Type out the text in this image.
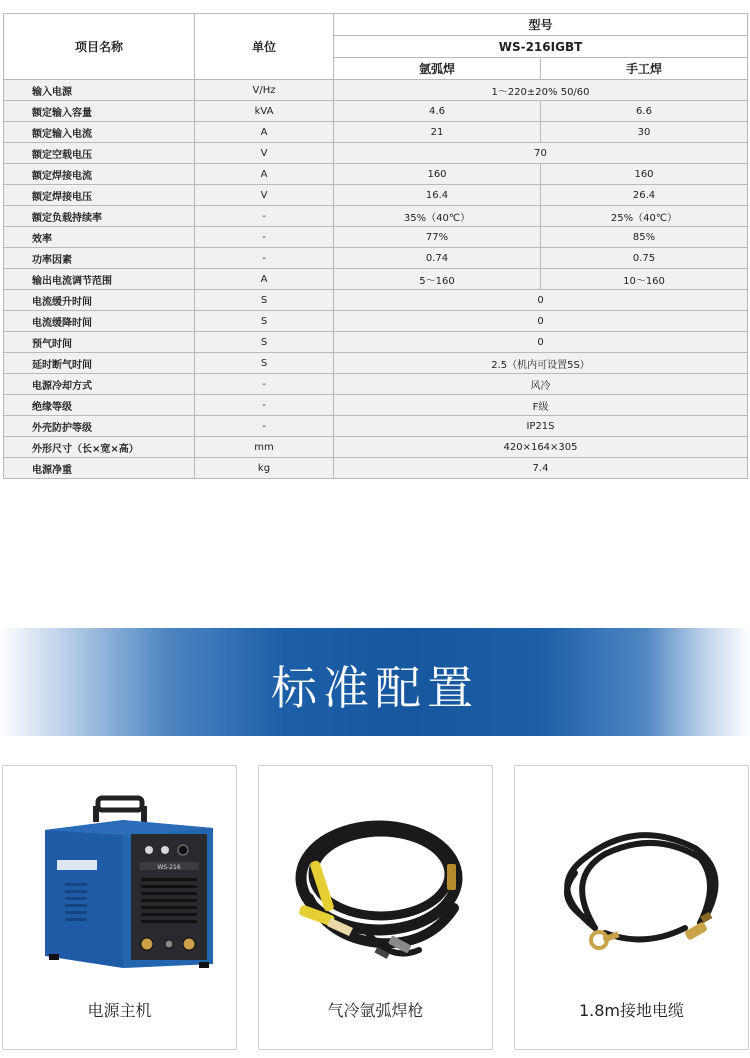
项目名称	单位	型号	
		WS-216IGBT	
		氩弧焊	手工焊
输入电源	V/Hz	1～220±20% 50/60	
额定输入容量	kVA	4.6	6.6
额定输入电流	A	21	30
额定空载电压	V	70	
额定焊接电流	A	160	160
额定焊接电压	V	16.4	26.4
额定负载持续率	-	35%（40℃）	25%（40℃）
效率	-	77%	85%
功率因素	-	0.74	0.75
输出电流调节范围	A	5～160	10～160
电流缓升时间	S	0	
电流缓降时间	S	0	
预气时间	S	0	
延时断气时间	S	2.5（机内可设置5S）	
电源冷却方式	-	风冷	
绝缘等级	-	F级	
外壳防护等级	-	IP21S	
外形尺寸（长×宽×高）	mm	420×164×305	
电源净重	kg	7.4	
标准配置
WS-216
电源主机	气冷氩弧焊枪	1.8m接地电缆
